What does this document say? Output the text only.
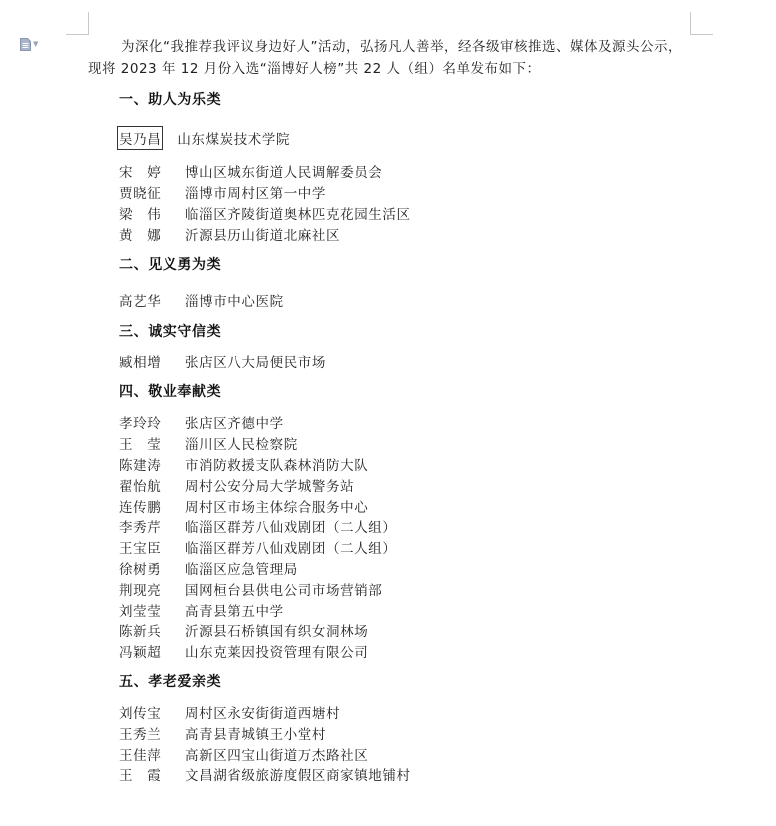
▼	为深化“我推荐我评议身边好人”活动，弘扬凡人善举，经各级审核推选、媒体及源头公示，现将 2023 年 12 月份入选“淄博好人榜”共 22 人（组）名单发布如下：
一、助人为乐类
吴乃昌 山东煤炭技术学院
宋　婷	博山区城东街道人民调解委员会
贾晓征	淄博市周村区第一中学
梁　伟	临淄区齐陵街道奥林匹克花园生活区
黄　娜	沂源县历山街道北麻社区
二、见义勇为类
高艺华	淄博市中心医院
三、诚实守信类
臧相增	张店区八大局便民市场
四、敬业奉献类
孝玲玲	张店区齐德中学
王　莹	淄川区人民检察院
陈建涛	市消防救援支队森林消防大队
翟怡航	周村公安分局大学城警务站
连传鹏	周村区市场主体综合服务中心
李秀芹	临淄区群芳八仙戏剧团（二人组）
王宝臣	临淄区群芳八仙戏剧团（二人组）
徐树勇	临淄区应急管理局
荆现亮	国网桓台县供电公司市场营销部
刘莹莹	高青县第五中学
陈新兵	沂源县石桥镇国有织女洞林场
冯颖超	山东克莱因投资管理有限公司
五、孝老爱亲类
刘传宝	周村区永安街街道西塘村
王秀兰	高青县青城镇王小堂村
王佳萍	高新区四宝山街道万杰路社区
王　霞	文昌湖省级旅游度假区商家镇地铺村
